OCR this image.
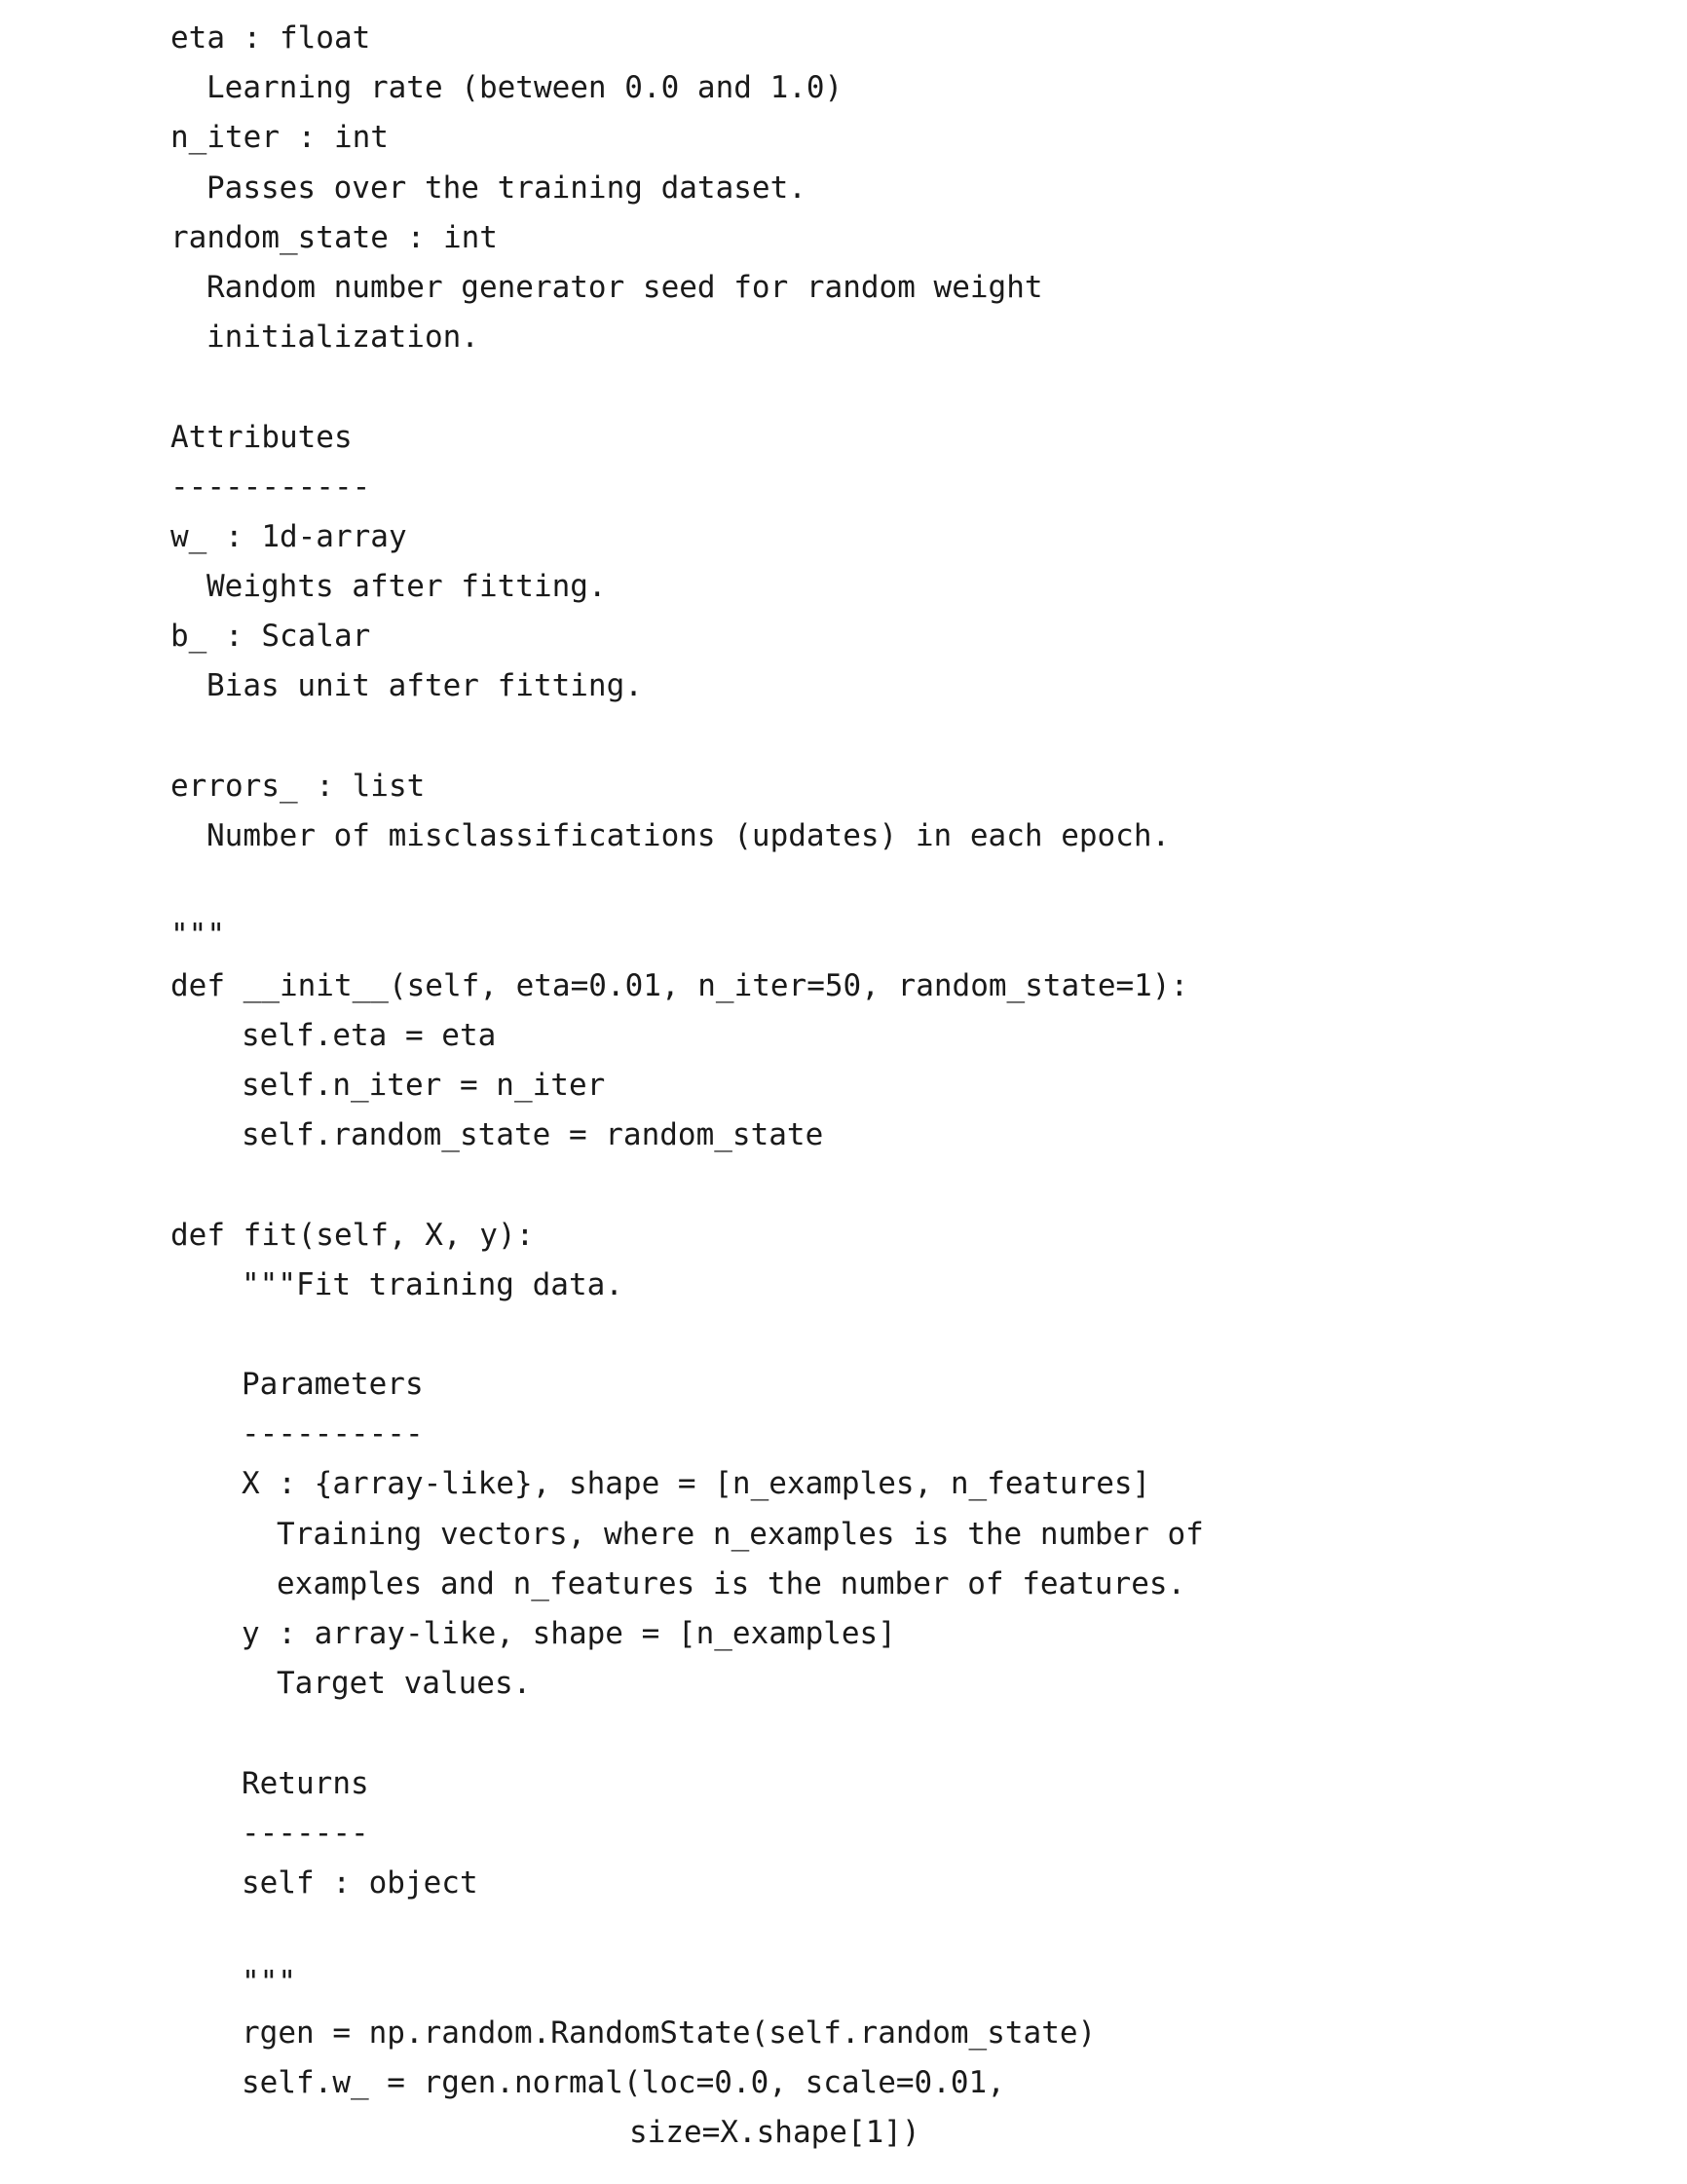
eta : float
Learning rate (between 0.0 and 1.0)
n_iter : int
Passes over the training dataset.
random_state : int
Random number generator seed for random weight
initialization.
Attributes
-----------
w_ : 1d-array
Weights after fitting.
b_ : Scalar
Bias unit after fitting.
errors_ : list
Number of misclassifications (updates) in each epoch.
"""
def __init__(self, eta=0.01, n_iter=50, random_state=1):
self.eta = eta
self.n_iter = n_iter
self.random_state = random_state
def fit(self, X, y):
"""Fit training data.
Parameters
----------
X : {array-like}, shape = [n_examples, n_features]
Training vectors, where n_examples is the number of
examples and n_features is the number of features.
y : array-like, shape = [n_examples]
Target values.
Returns
-------
self : object
"""
rgen = np.random.RandomState(self.random_state)
self.w_ = rgen.normal(loc=0.0, scale=0.01,
size=X.shape[1])
